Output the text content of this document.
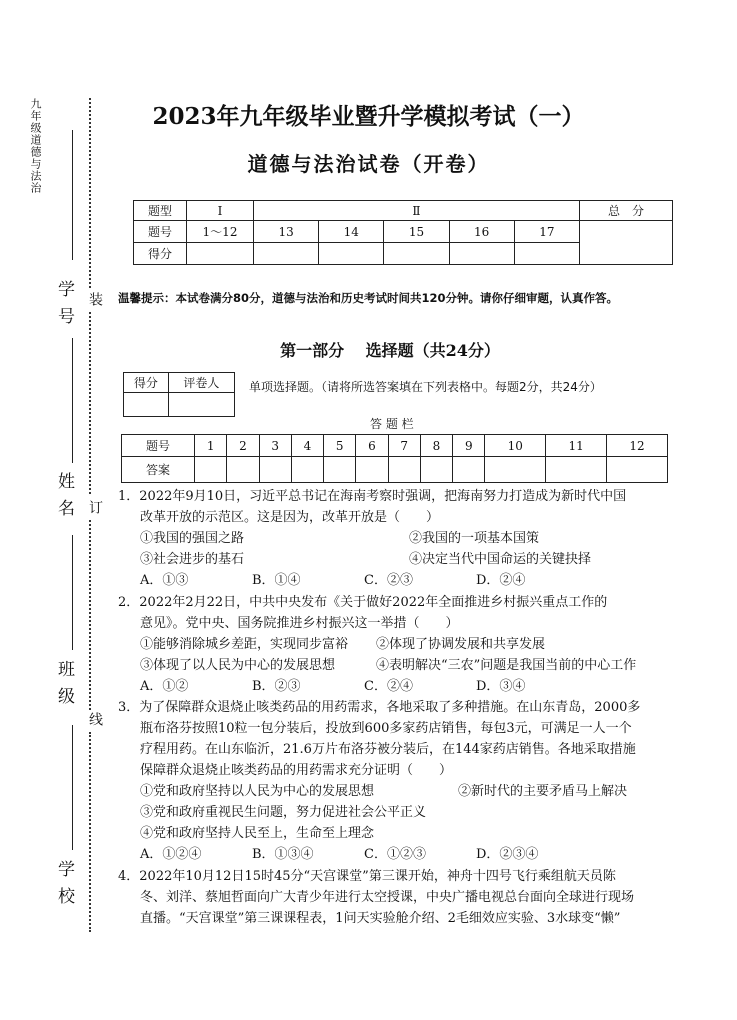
九年级道德与法治
学号
姓名
班级
学校
装
订
线
2023年九年级毕业暨升学模拟考试（一）
道德与法治试卷（开卷）
题型	I	Ⅱ					总　分
题号	1～12	13	14	15	16	17	
得分							
温馨提示：本试卷满分80分，道德与法治和历史考试时间共120分钟。请你仔细审题，认真作答。
第一部分　 选择题（共24分）
得分	评卷人
	单项选择题。（请将所选答案填在下列表格中。每题2分，共24分）
答 题 栏
题号	1	2	3	4	5	6	7	8	9	10	11	12
答案												

1．2022年9月10日，习近平总书记在海南考察时强调，把海南努力打造成为新时代中国

改革开放的示范区。这是因为，改革开放是（　　）

①我国的强国之路	②我国的一项基本国策
③社会进步的基石	④决定当代中国命运的关键抉择
A．①③	B．①④	C．②③	D．②④

2．2022年2月22日，中共中央发布《关于做好2022年全面推进乡村振兴重点工作的

意见》。党中央、国务院推进乡村振兴这一举措（　　）

①能够消除城乡差距，实现同步富裕	②体现了协调发展和共享发展
③体现了以人民为中心的发展思想	④表明解决“三农”问题是我国当前的中心工作
A．①②	B．②③	C．②④	D．③④

3．为了保障群众退烧止咳类药品的用药需求，各地采取了多种措施。在山东青岛，2000多

瓶布洛芬按照10粒一包分装后，投放到600多家药店销售，每包3元，可满足一人一个

疗程用药。在山东临沂，21.6万片布洛芬被分装后，在144家药店销售。各地采取措施

保障群众退烧止咳类药品的用药需求充分证明（　　）

①党和政府坚持以人民为中心的发展思想	②新时代的主要矛盾马上解决

③党和政府重视民生问题，努力促进社会公平正义

④党和政府坚持人民至上，生命至上理念

A．①②④	B．①③④	C．①②③	D．②③④

4．2022年10月12日15时45分“天宫课堂”第三课开始，神舟十四号飞行乘组航天员陈

冬、刘洋、蔡旭哲面向广大青少年进行太空授课，中央广播电视总台面向全球进行现场

直播。“天宫课堂”第三课课程表，1问天实验舱介绍、2毛细效应实验、3水球变“懒”
